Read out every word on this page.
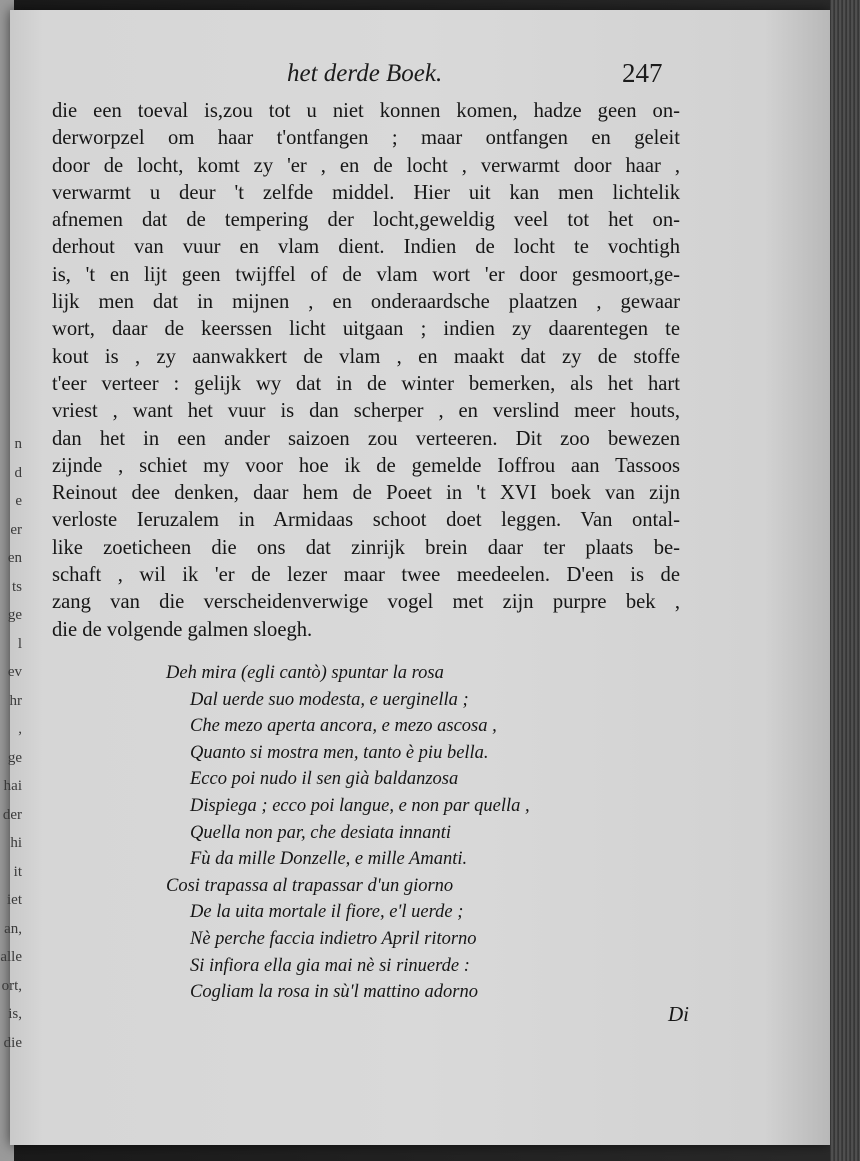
n
d
e
er
en
ts
ge
l
ev
hr
,
ge
hai
der
hi
it
iet
an,
alle
ort,
is,
die
het derde Boek.	247
die een toeval is,zou tot u niet konnen komen, hadze geen on-
derworpzel om haar t'ontfangen ; maar ontfangen en geleit
door de locht, komt zy 'er , en de locht , verwarmt door haar ,
verwarmt u deur 't zelfde middel. Hier uit kan men lichtelik
afnemen dat de tempering der locht,geweldig veel tot het on-
derhout van vuur en vlam dient. Indien de locht te vochtigh
is, 't en lijt geen twijffel of de vlam wort 'er door gesmoort,ge-
lijk men dat in mijnen , en onderaardsche plaatzen , gewaar
wort, daar de keerssen licht uitgaan ; indien zy daarentegen te
kout is , zy aanwakkert de vlam , en maakt dat zy de stoffe
t'eer verteer : gelijk wy dat in de winter bemerken, als het hart
vriest , want het vuur is dan scherper , en verslind meer houts,
dan het in een ander saizoen zou verteeren. Dit zoo bewezen
zijnde , schiet my voor hoe ik de gemelde Ioffrou aan Tassoos
Reinout dee denken, daar hem de Poeet in 't XVI boek van zijn
verloste Ieruzalem in Armidaas schoot doet leggen. Van ontal-
like zoeticheen die ons dat zinrijk brein daar ter plaats be-
schaft , wil ik 'er de lezer maar twee meedeelen. D'een is de
zang van die verscheidenverwige vogel met zijn purpre bek ,
die de volgende galmen sloegh.
Deh mira (egli cantò) spuntar la rosa
Dal uerde suo modesta, e uerginella ;
Che mezo aperta ancora, e mezo ascosa ,
Quanto si mostra men, tanto è piu bella.
Ecco poi nudo il sen già baldanzosa
Dispiega ; ecco poi langue, e non par quella ,
Quella non par, che desiata innanti
Fù da mille Donzelle, e mille Amanti.
Cosi trapassa al trapassar d'un giorno
De la uita mortale il fiore, e'l uerde ;
Nè perche faccia indietro April ritorno
Si infiora ella gia mai nè si rinuerde :
Cogliam la rosa in sù'l mattino adorno
Di
